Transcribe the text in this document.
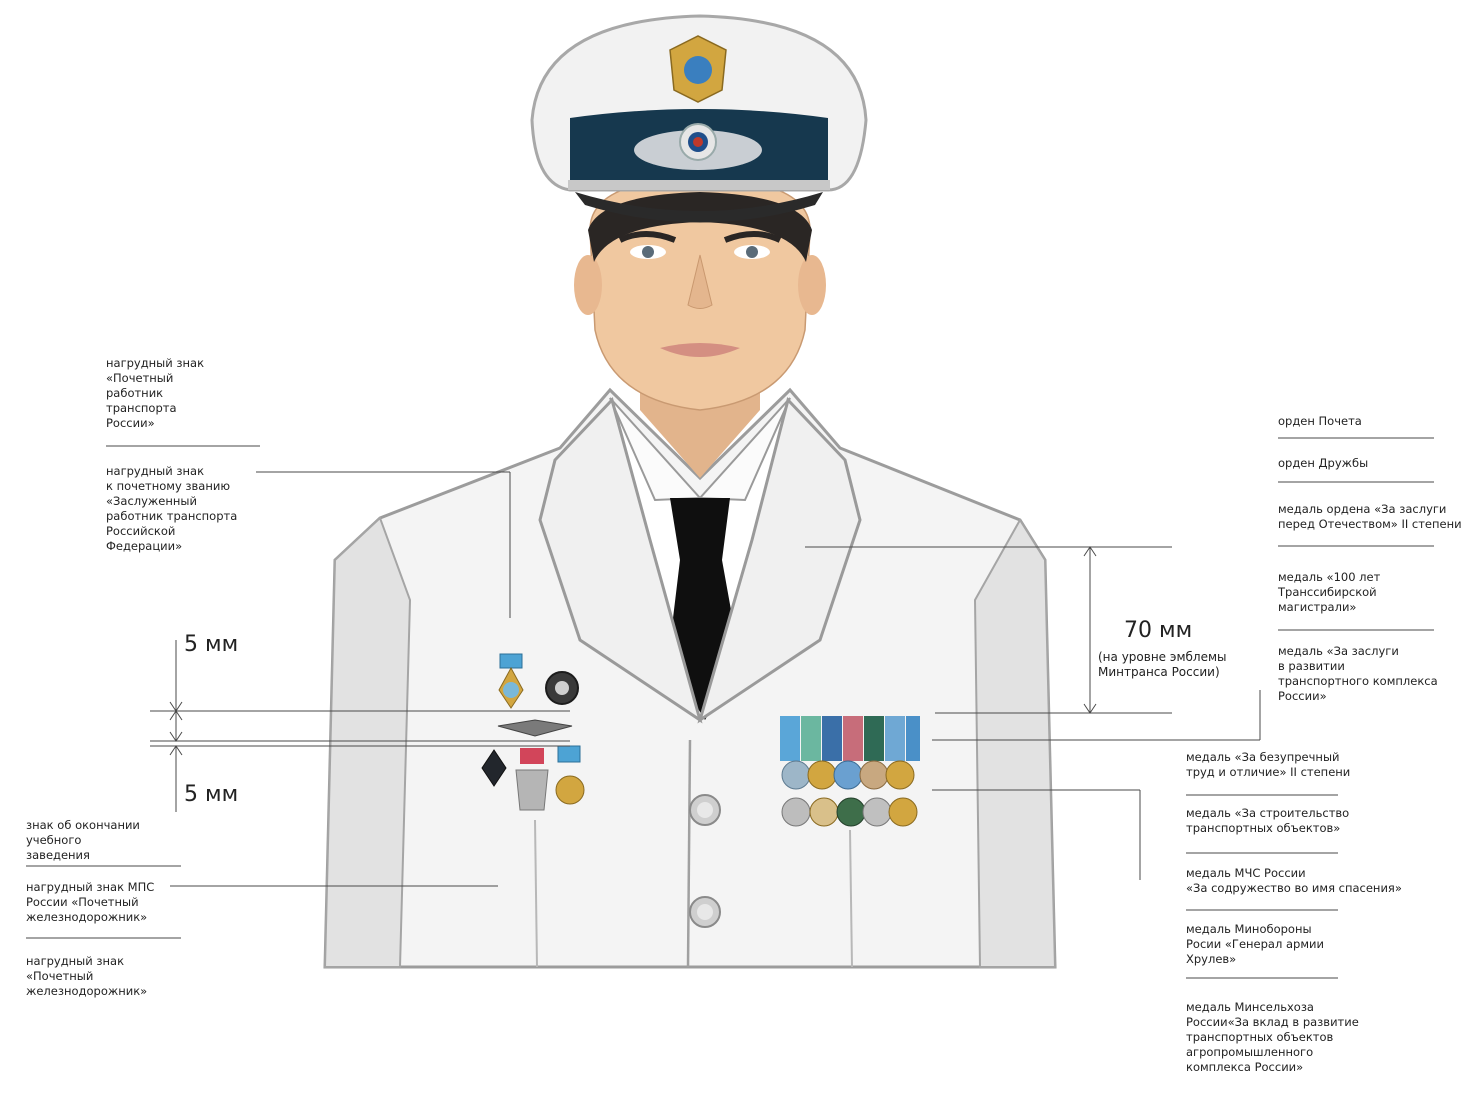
нагрудный знак
«Почетный
работник
транспорта
России»
нагрудный знак
к почетному званию
«Заслуженный
работник транспорта
Российской
Федерации»
знак об окончании
учебного
заведения
нагрудный знак МПС
России «Почетный
железнодорожник»
нагрудный знак
«Почетный
железнодорожник»
орден Почета
орден Дружбы
медаль ордена «За заслуги
перед Отечеством» II степени
медаль «100 лет
Транссибирской
магистрали»
медаль «За заслуги
в развитии
транспортного комплекса
России»
медаль «За безупречный
труд и отличие» II степени
медаль «За строительство
транспортных объектов»
медаль МЧС России
«За содружество во имя спасения»
медаль Минобороны
Росии «Генерал армии
Хрулев»
медаль Минсельхоза
России«За вклад в развитие
транспортных объектов
агропромышленного
комплекса России»
5 мм
5 мм
70 мм
(на уровне эмблемы
Минтранса России)
